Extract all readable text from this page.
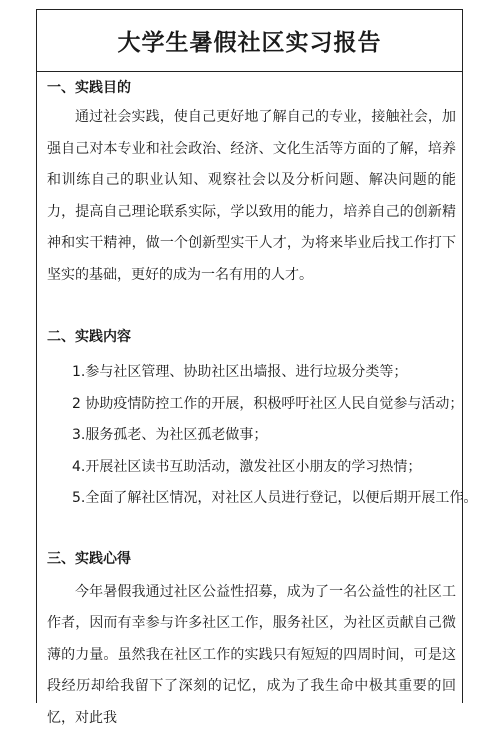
大学生暑假社区实习报告
一、实践目的

通过社会实践，使自己更好地了解自己的专业，接触社会，加强自己对本专业和社会政治、经济、文化生活等方面的了解，培养和训练自己的职业认知、观察社会以及分析问题、解决问题的能力，提高自己理论联系实际，学以致用的能力，培养自己的创新精神和实干精神，做一个创新型实干人才，为将来毕业后找工作打下坚实的基础，更好的成为一名有用的人才。

二、实践内容
1.参与社区管理、协助社区出墙报、进行垃圾分类等；
2 协助疫情防控工作的开展，积极呼吁社区人民自觉参与活动；
3.服务孤老、为社区孤老做事；
4.开展社区读书互助活动，激发社区小朋友的学习热情；
5.全面了解社区情况，对社区人员进行登记，以便后期开展工作。
三、实践心得

今年暑假我通过社区公益性招募，成为了一名公益性的社区工作者，因而有幸参与许多社区工作，服务社区，为社区贡献自己微薄的力量。虽然我在社区工作的实践只有短短的四周时间，可是这段经历却给我留下了深刻的记忆，成为了我生命中极其重要的回忆，对此我
